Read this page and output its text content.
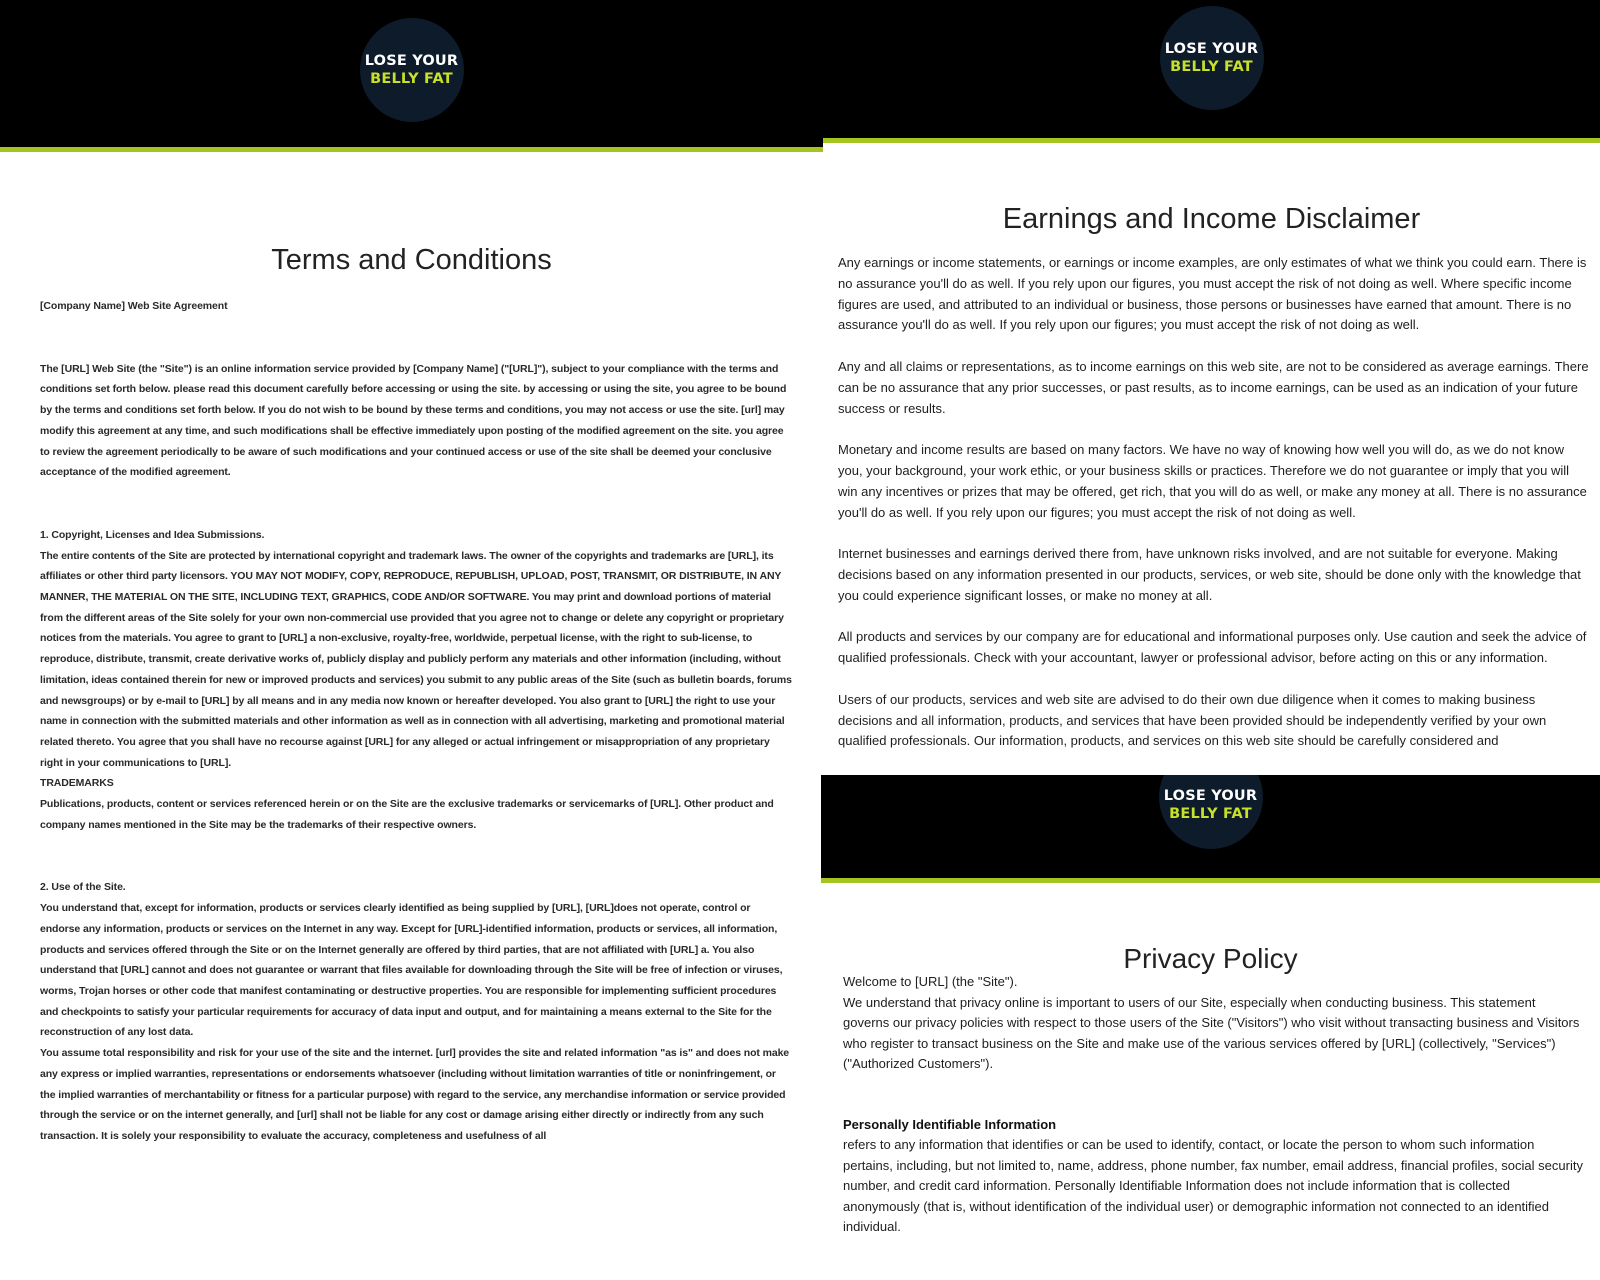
LOSE YOUR
BELLY FAT
Terms and Conditions

[Company Name] Web Site Agreement

The [URL] Web Site (the "Site") is an online information service provided by [Company Name] ("[URL]"), subject to your compliance with the terms and conditions set forth below. please read this document carefully before accessing or using the site. by accessing or using the site, you agree to be bound by the terms and conditions set forth below. If you do not wish to be bound by these terms and conditions, you may not access or use the site. [url] may modify this agreement at any time, and such modifications shall be effective immediately upon posting of the modified agreement on the site. you agree to review the agreement periodically to be aware of such modifications and your continued access or use of the site shall be deemed your conclusive acceptance of the modified agreement.

1. Copyright, Licenses and Idea Submissions.

The entire contents of the Site are protected by international copyright and trademark laws. The owner of the copyrights and trademarks are [URL], its affiliates or other third party licensors. YOU MAY NOT MODIFY, COPY, REPRODUCE, REPUBLISH, UPLOAD, POST, TRANSMIT, OR DISTRIBUTE, IN ANY MANNER, THE MATERIAL ON THE SITE, INCLUDING TEXT, GRAPHICS, CODE AND/OR SOFTWARE. You may print and download portions of material from the different areas of the Site solely for your own non-commercial use provided that you agree not to change or delete any copyright or proprietary notices from the materials. You agree to grant to [URL] a non-exclusive, royalty-free, worldwide, perpetual license, with the right to sub-license, to reproduce, distribute, transmit, create derivative works of, publicly display and publicly perform any materials and other information (including, without limitation, ideas contained therein for new or improved products and services) you submit to any public areas of the Site (such as bulletin boards, forums and newsgroups) or by e-mail to [URL] by all means and in any media now known or hereafter developed. You also grant to [URL] the right to use your name in connection with the submitted materials and other information as well as in connection with all advertising, marketing and promotional material related thereto. You agree that you shall have no recourse against [URL] for any alleged or actual infringement or misappropriation of any proprietary right in your communications to [URL].

TRADEMARKS

Publications, products, content or services referenced herein or on the Site are the exclusive trademarks or servicemarks of [URL]. Other product and company names mentioned in the Site may be the trademarks of their respective owners.

2. Use of the Site.

You understand that, except for information, products or services clearly identified as being supplied by [URL], [URL]does not operate, control or endorse any information, products or services on the Internet in any way. Except for [URL]-identified information, products or services, all information, products and services offered through the Site or on the Internet generally are offered by third parties, that are not affiliated with [URL] a. You also understand that [URL] cannot and does not guarantee or warrant that files available for downloading through the Site will be free of infection or viruses, worms, Trojan horses or other code that manifest contaminating or destructive properties. You are responsible for implementing sufficient procedures and checkpoints to satisfy your particular requirements for accuracy of data input and output, and for maintaining a means external to the Site for the reconstruction of any lost data.

You assume total responsibility and risk for your use of the site and the internet. [url] provides the site and related information "as is" and does not make any express or implied warranties, representations or endorsements whatsoever (including without limitation warranties of title or noninfringement, or the implied warranties of merchantability or fitness for a particular purpose) with regard to the service, any merchandise information or service provided through the service or on the internet generally, and [url] shall not be liable for any cost or damage arising either directly or indirectly from any such transaction. It is solely your responsibility to evaluate the accuracy, completeness and usefulness of all

LOSE YOUR
BELLY FAT
Earnings and Income Disclaimer

Any earnings or income statements, or earnings or income examples, are only estimates of what we think you could earn. There is no assurance you'll do as well. If you rely upon our figures, you must accept the risk of not doing as well. Where specific income figures are used, and attributed to an individual or business, those persons or businesses have earned that amount. There is no assurance you'll do as well. If you rely upon our figures; you must accept the risk of not doing as well.

Any and all claims or representations, as to income earnings on this web site, are not to be considered as average earnings. There can be no assurance that any prior successes, or past results, as to income earnings, can be used as an indication of your future success or results.

Monetary and income results are based on many factors. We have no way of knowing how well you will do, as we do not know you, your background, your work ethic, or your business skills or practices. Therefore we do not guarantee or imply that you will win any incentives or prizes that may be offered, get rich, that you will do as well, or make any money at all. There is no assurance you'll do as well. If you rely upon our figures; you must accept the risk of not doing as well.

Internet businesses and earnings derived there from, have unknown risks involved, and are not suitable for everyone. Making decisions based on any information presented in our products, services, or web site, should be done only with the knowledge that you could experience significant losses, or make no money at all.

All products and services by our company are for educational and informational purposes only. Use caution and seek the advice of qualified professionals. Check with your accountant, lawyer or professional advisor, before acting on this or any information.

Users of our products, services and web site are advised to do their own due diligence when it comes to making business decisions and all information, products, and services that have been provided should be independently verified by your own qualified professionals. Our information, products, and services on this web site should be carefully considered and

LOSE YOUR
BELLY FAT
Privacy Policy

Welcome to [URL] (the "Site").

We understand that privacy online is important to users of our Site, especially when conducting business. This statement governs our privacy policies with respect to those users of the Site ("Visitors") who visit without transacting business and Visitors who register to transact business on the Site and make use of the various services offered by [URL] (collectively, "Services") ("Authorized Customers").

Personally Identifiable Information

refers to any information that identifies or can be used to identify, contact, or locate the person to whom such information pertains, including, but not limited to, name, address, phone number, fax number, email address, financial profiles, social security number, and credit card information. Personally Identifiable Information does not include information that is collected anonymously (that is, without identification of the individual user) or demographic information not connected to an identified individual.
